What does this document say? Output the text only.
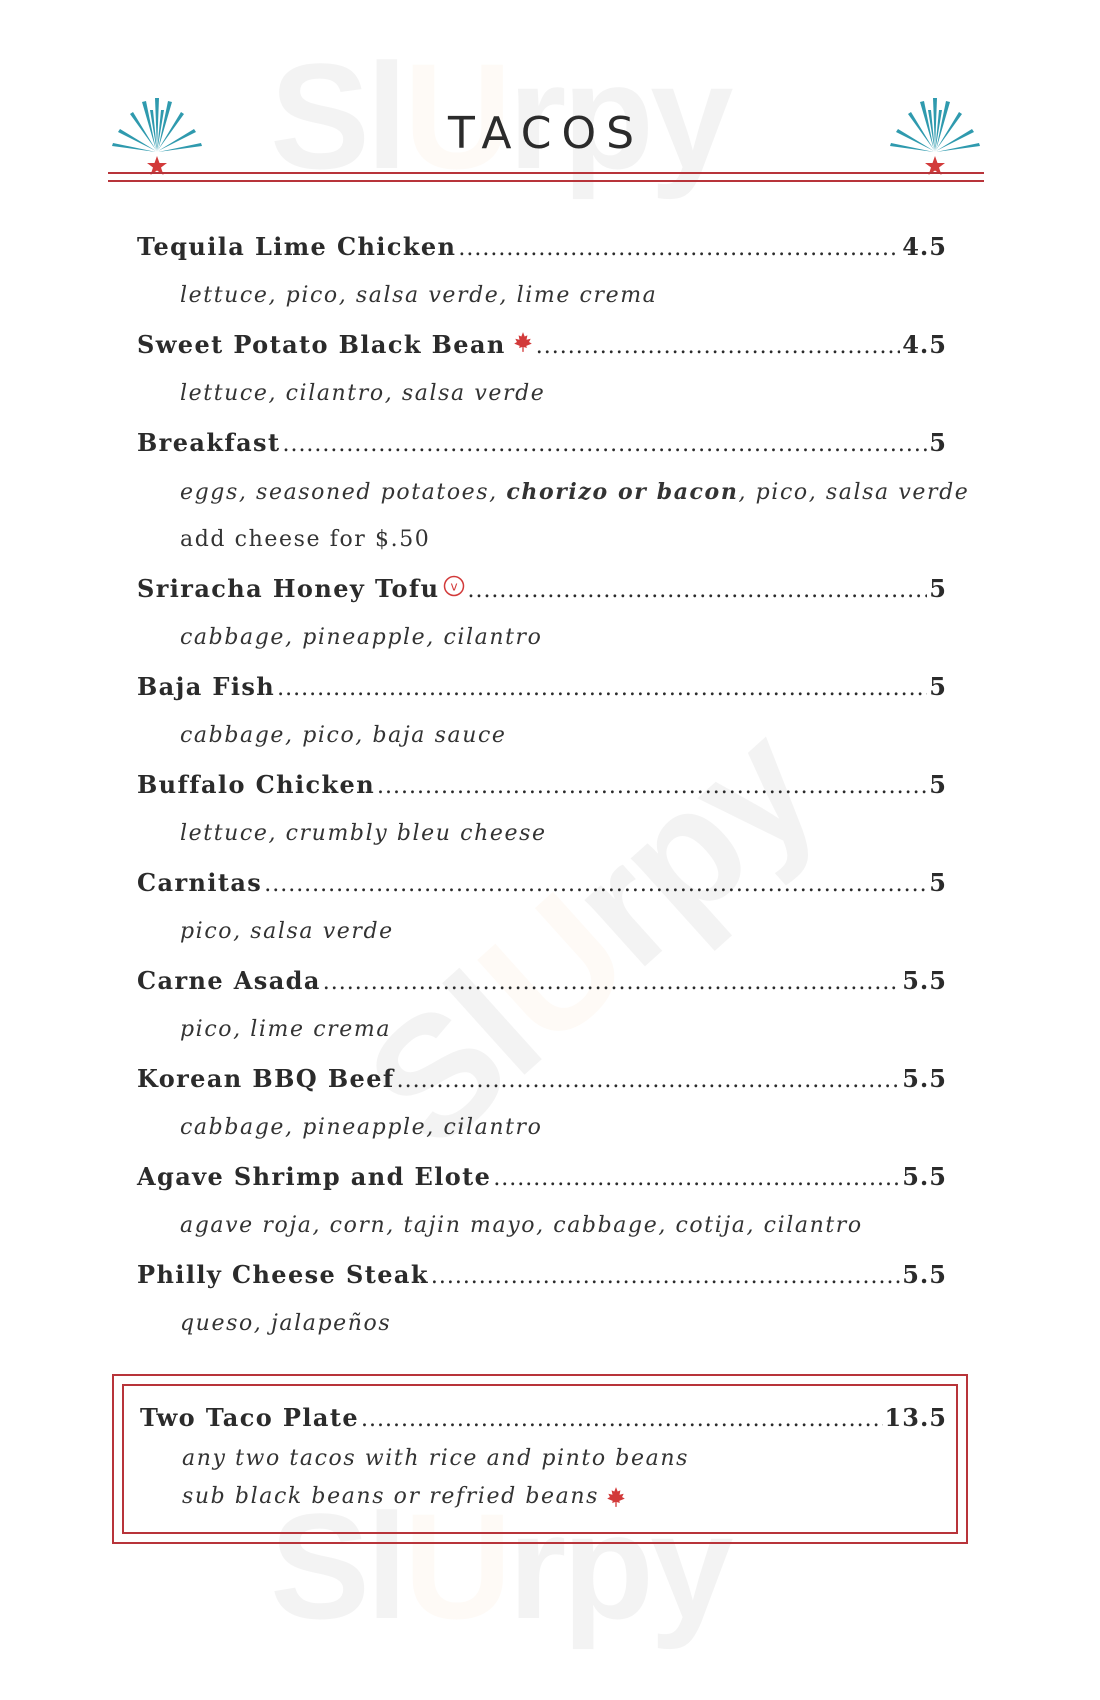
TACOS
Tequila Lime Chicken .....	4.5
lettuce, pico, salsa verde, lime crema
Sweet Potato Black Bean .....	4.5
lettuce, cilantro, salsa verde
Breakfast .....	5
eggs, seasoned potatoes, chorizo or bacon, pico, salsa verde
add cheese for $.50
Sriracha Honey Tofu v .....	5
cabbage, pineapple, cilantro
Baja Fish .....	5
cabbage, pico, baja sauce
Buffalo Chicken .....	5
lettuce, crumbly bleu cheese
Carnitas .....	5
pico, salsa verde
Carne Asada .....	5.5
pico, lime crema
Korean BBQ Beef .....	5.5
cabbage, pineapple, cilantro
Agave Shrimp and Elote .....	5.5
agave roja, corn, tajin mayo, cabbage, cotija, cilantro
Philly Cheese Steak .....	5.5
queso, jalapeños
Two Taco Plate .....	13.5
any two tacos with rice and pinto beans
sub black beans or refried beans
